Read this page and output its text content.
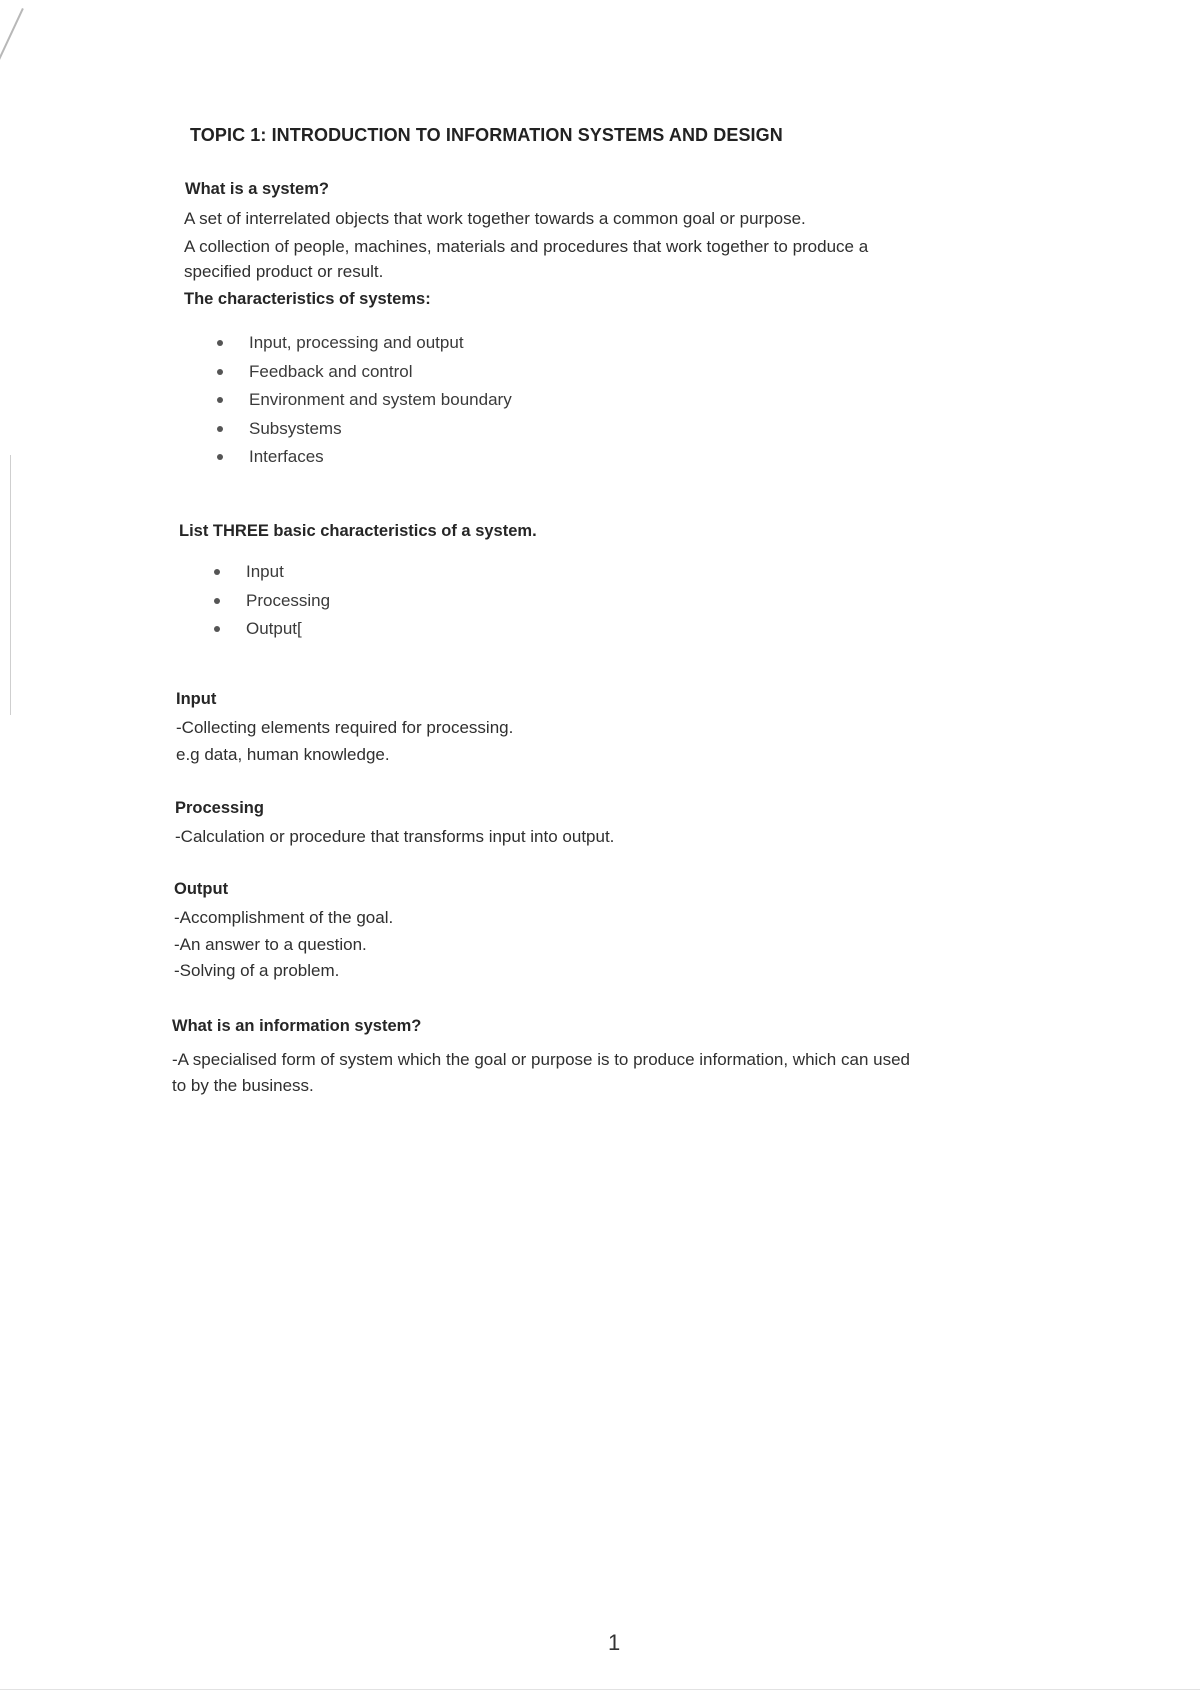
TOPIC 1: INTRODUCTION TO INFORMATION SYSTEMS AND DESIGN
What is a system?
A set of interrelated objects that work together towards a common goal or purpose.
A collection of people, machines, materials and procedures that work together to produce a
specified product or result.
The characteristics of systems:
Input, processing and output
Feedback and control
Environment and system boundary
Subsystems
Interfaces
List THREE basic characteristics of a system.
Input
Processing
Output[
Input
-Collecting elements required for processing.
e.g data, human knowledge.
Processing
-Calculation or procedure that transforms input into output.
Output
-Accomplishment of the goal.
-An answer to a question.
-Solving of a problem.
What is an information system?
-A specialised form of system which the goal or purpose is to produce information, which can used
to by the business.
1
